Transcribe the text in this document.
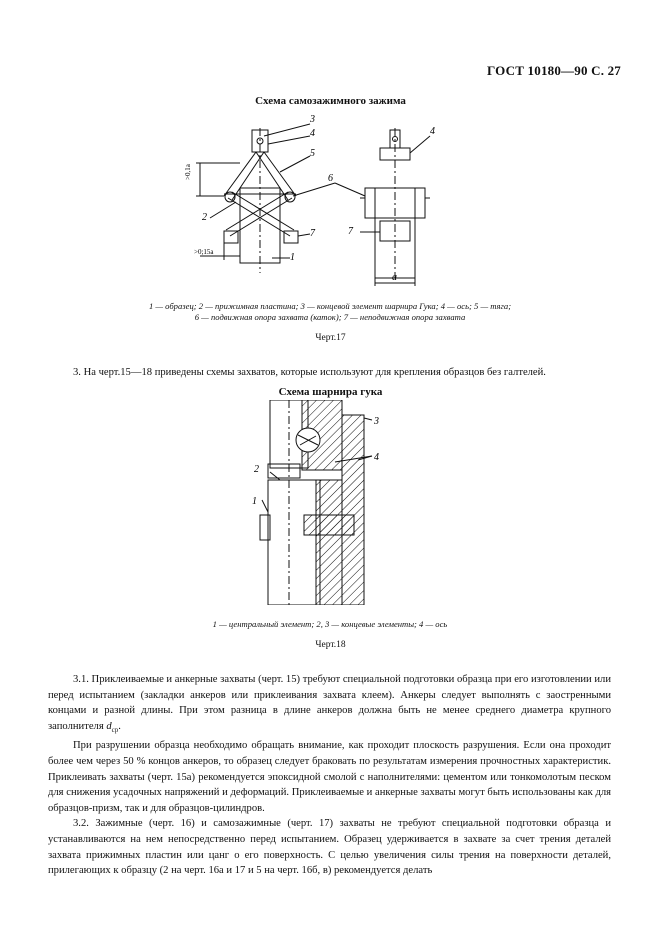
ГОСТ 10180—90 С. 27
Схема самозажимного зажима
3
4
5
6
2
7
1
4
7
a
>0,1a
>0;15a
1 — образец; 2 — прижимная пластина; 3 — концевой элемент шарнира Гука; 4 — ось; 5 — тяга;
6 — подвижная опора захвата (каток); 7 — неподвижная опора захвата
Черт.17
3. На черт.15—18 приведены схемы захватов, которые используют для крепления образцов без галтелей.
Схема шарнира гука
3
4
2
1
1 — центральный элемент; 2, 3 — концевые элементы; 4 — ось
Черт.18

3.1. Приклеиваемые и анкерные захваты (черт. 15) требуют специальной подготовки образца при его изготовлении или перед испытанием (закладки анкеров или приклеивания захвата клеем). Анкеры следует выполнять с заостренными концами и разной длины. При этом разница в длине анкеров должна быть не менее среднего диаметра крупного заполнителя $d_{ср}$.

При разрушении образца необходимо обращать внимание, как проходит плоскость разрушения. Если она проходит более чем через 50 % концов анкеров, то образец следует браковать по результатам измерения прочностных характеристик. Приклеивать захваты (черт. 15а) рекомендуется эпоксидной смолой с наполнителями: цементом или тонкомолотым песком для снижения усадочных напряжений и деформаций. Приклеиваемые и анкерные захваты могут быть использованы как для образцов-призм, так и для образцов-цилиндров.

3.2. Зажимные (черт. 16) и самозажимные (черт. 17) захваты не требуют специальной подготовки образца и устанавливаются на нем непосредственно перед испытанием. Образец удерживается в захвате за счет трения деталей захвата прижимных пластин или цанг о его поверхность. С целью увеличения силы трения на поверхности деталей, прилегающих к образцу (2 на черт. 16а и 17 и 5 на черт. 16б, в) рекомендуется делать
